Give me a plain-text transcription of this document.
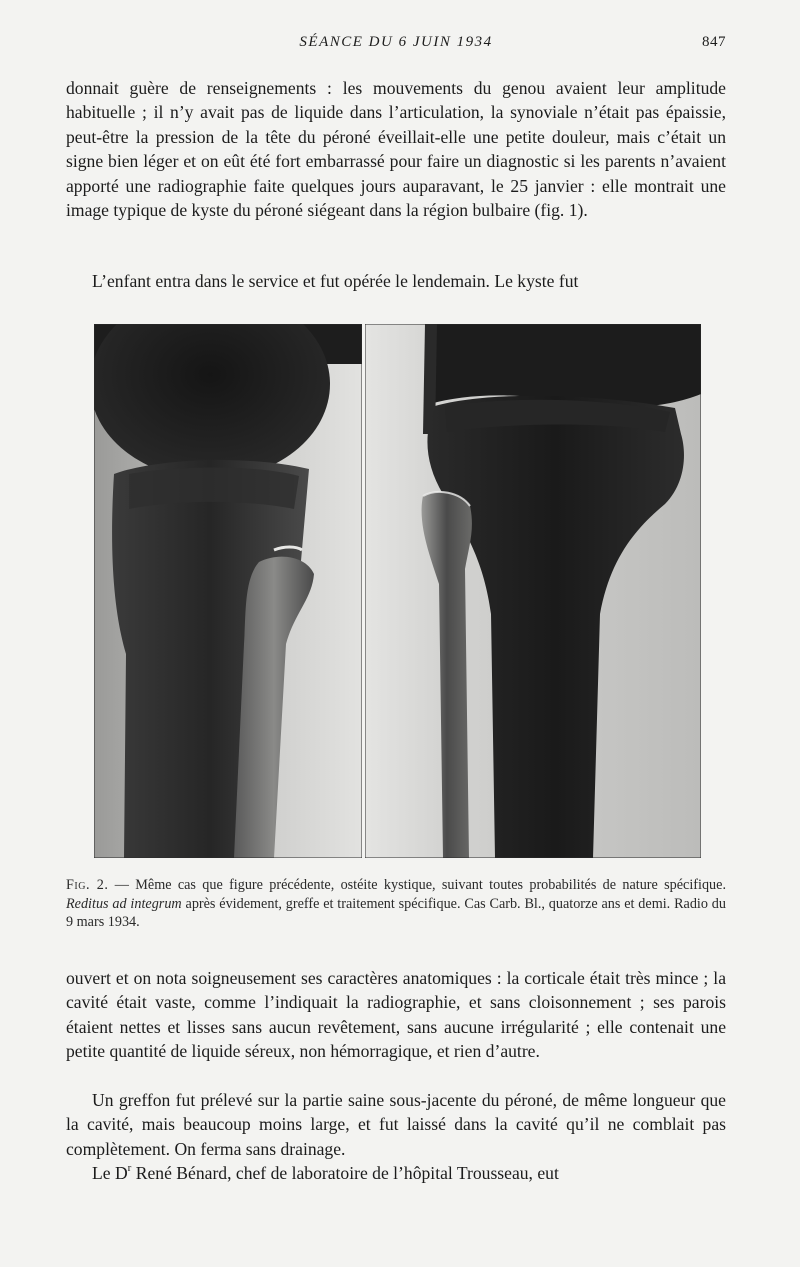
SÉANCE DU 6 JUIN 1934	847

donnait guère de renseignements : les mouvements du genou avaient leur amplitude habituelle ; il n’y avait pas de liquide dans l’articulation, la synoviale n’était pas épaissie, peut-être la pression de la tête du péroné éveillait-elle une petite douleur, mais c’était un signe bien léger et on eût été fort embarrassé pour faire un diagnostic si les parents n’avaient apporté une radiographie faite quelques jours auparavant, le 25 janvier : elle montrait une image typique de kyste du péroné siégeant dans la région bulbaire (fig. 1).

L’enfant entra dans le service et fut opérée le lendemain. Le kyste fut

Fig. 2. — Même cas que figure précédente, ostéite kystique, suivant toutes probabilités de nature spécifique. Reditus ad integrum après évidement, greffe et traitement spécifique. Cas Carb. Bl., quatorze ans et demi. Radio du 9 mars 1934.

ouvert et on nota soigneusement ses caractères anatomiques : la corticale était très mince ; la cavité était vaste, comme l’indiquait la radiographie, et sans cloisonnement ; ses parois étaient nettes et lisses sans aucun revêtement, sans aucune irrégularité ; elle contenait une petite quantité de liquide séreux, non hémorragique, et rien d’autre.

Un greffon fut prélevé sur la partie saine sous-jacente du péroné, de même longueur que la cavité, mais beaucoup moins large, et fut laissé dans la cavité qu’il ne comblait pas complètement. On ferma sans drainage.

Le $D^r$ René Bénard, chef de laboratoire de l’hôpital Trousseau, eut
